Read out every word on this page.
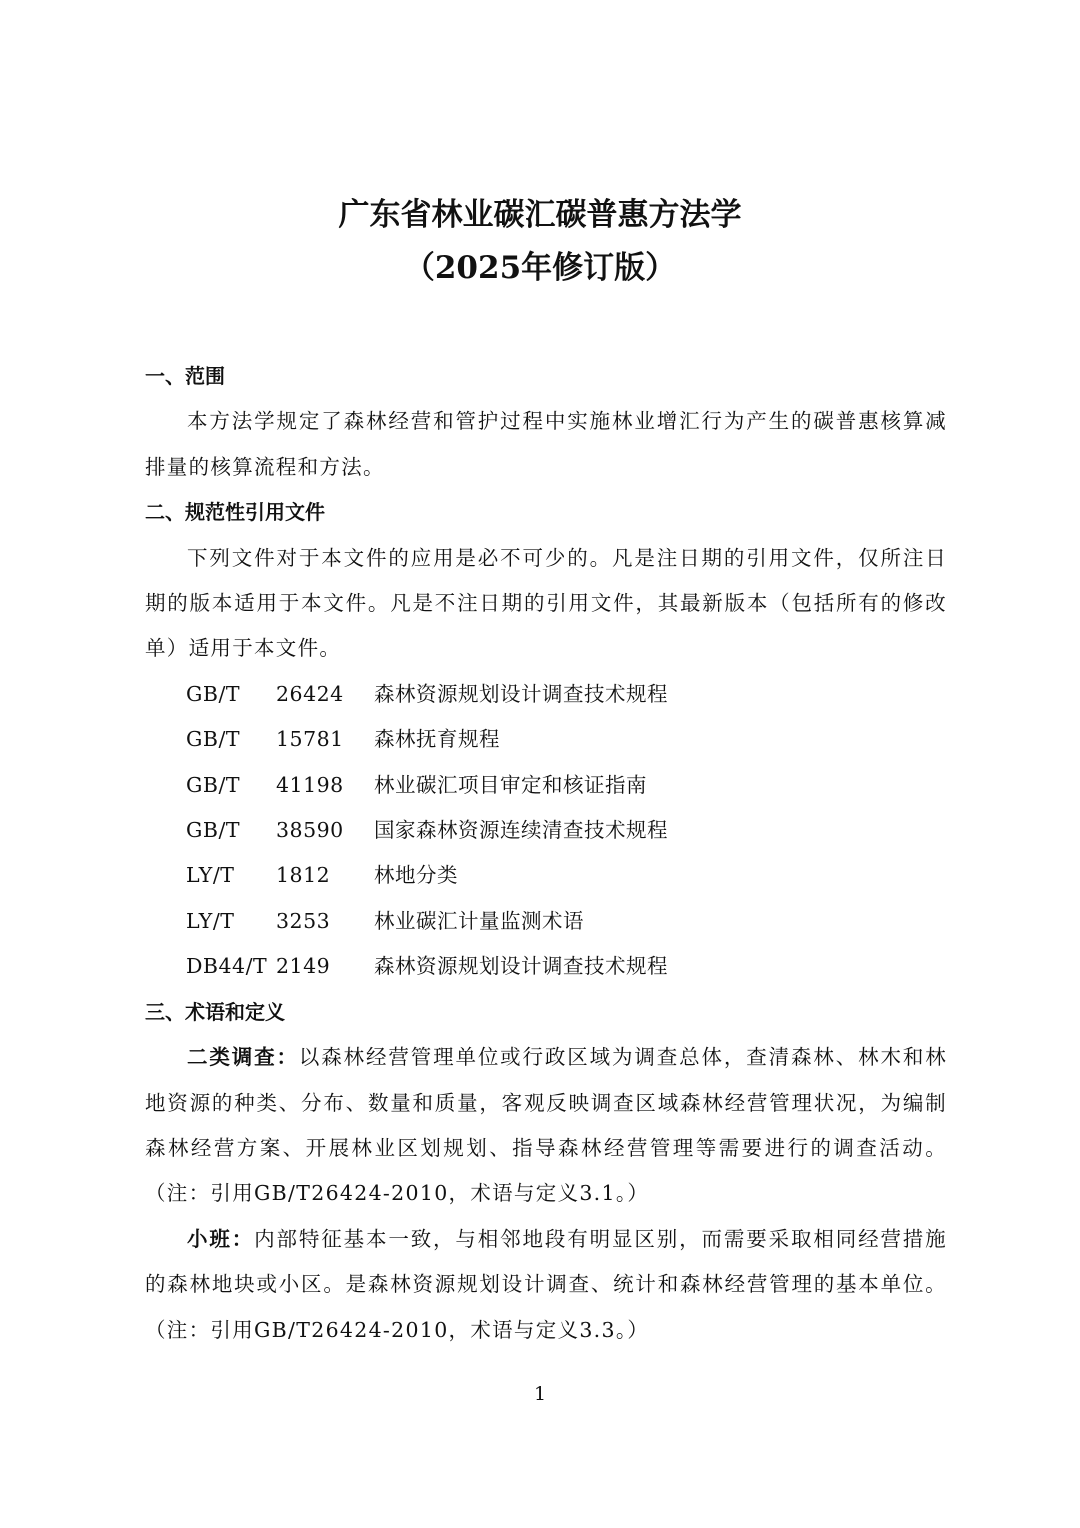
广东省林业碳汇碳普惠方法学
（2025年修订版）
一、范围

本方法学规定了森林经营和管护过程中实施林业增汇行为产生的碳普惠核算减排量的核算流程和方法。

二、规范性引用文件

下列文件对于本文件的应用是必不可少的。凡是注日期的引用文件，仅所注日期的版本适用于本文件。凡是不注日期的引用文件，其最新版本（包括所有的修改单）适用于本文件。

GB/T	26424	森林资源规划设计调查技术规程
GB/T	15781	森林抚育规程
GB/T	41198	林业碳汇项目审定和核证指南
GB/T	38590	国家森林资源连续清查技术规程
LY/T	1812	林地分类
LY/T	3253	林业碳汇计量监测术语
DB44/T 2149	森林资源规划设计调查技术规程
三、术语和定义

二类调查：以森林经营管理单位或行政区域为调查总体，查清森林、林木和林地资源的种类、分布、数量和质量，客观反映调查区域森林经营管理状况，为编制森林经营方案、开展林业区划规划、指导森林经营管理等需要进行的调查活动。（注：引用GB/T26424-2010，术语与定义3.1。）

小班：内部特征基本一致，与相邻地段有明显区别，而需要采取相同经营措施的森林地块或小区。是森林资源规划设计调查、统计和森林经营管理的基本单位。（注：引用GB/T26424-2010，术语与定义3.3。）

1
